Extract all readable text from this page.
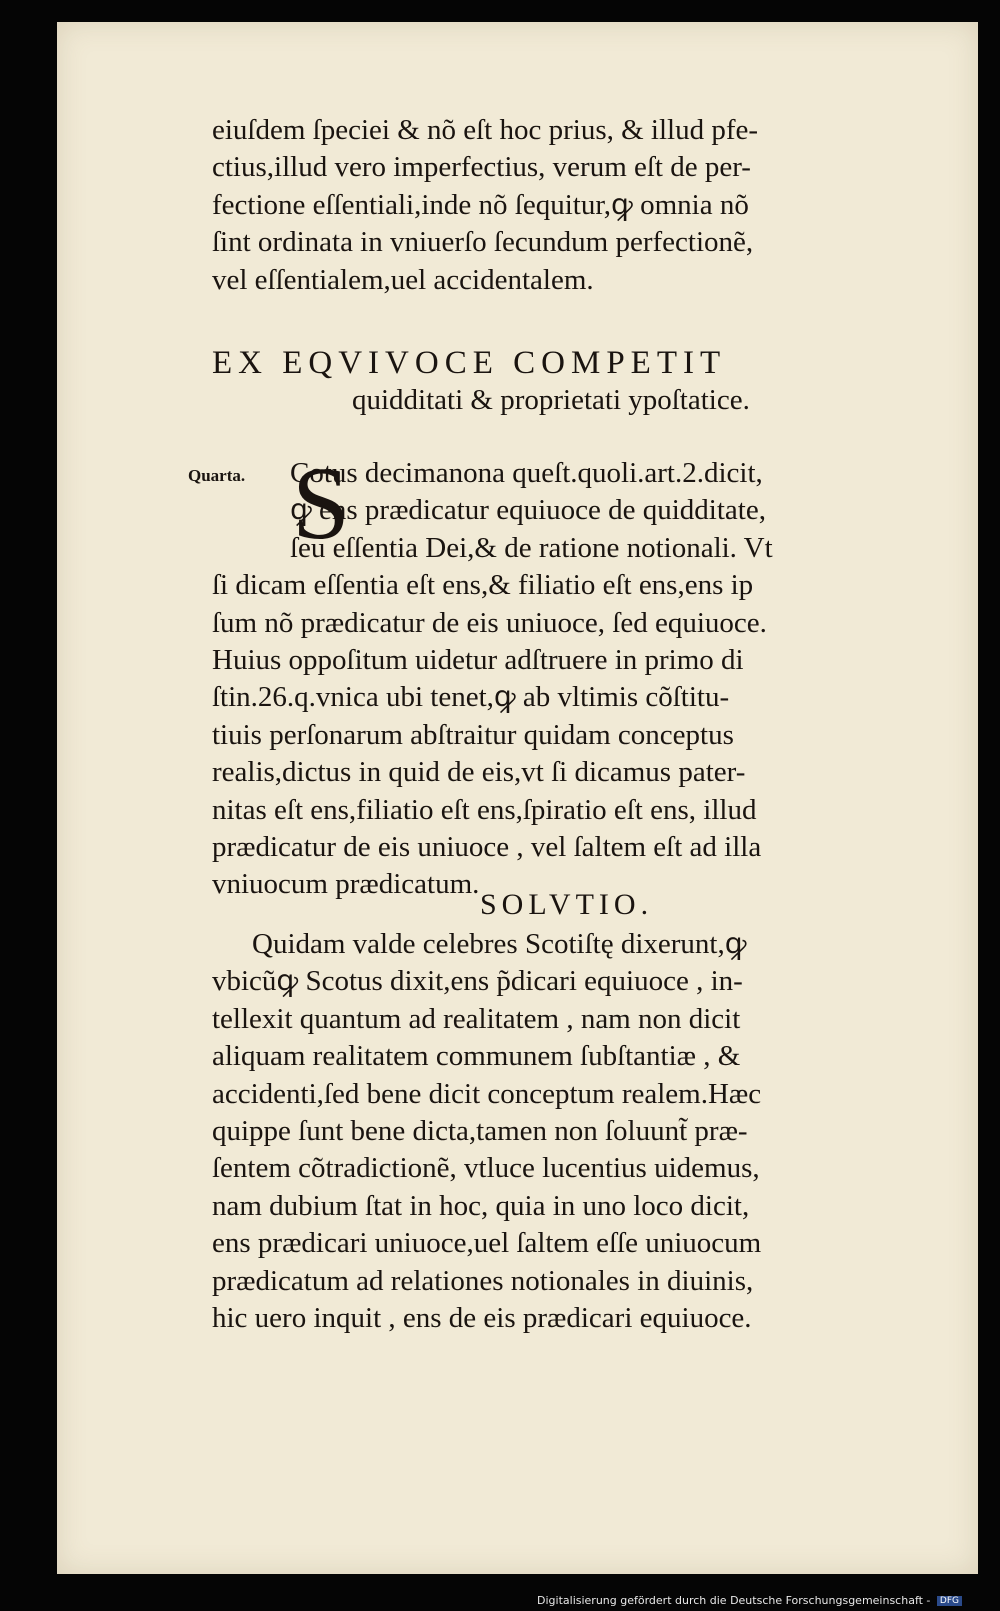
eiuſdem ſpeciei & nõ eſt hoc prius, & illud pfe-
ctius,illud vero imperfectius, verum eſt de per-
fectione eſſentiali,inde nõ ſequitur,ꝙ omnia nõ
ſint ordinata in vniuerſo ſecundum perfectionẽ,
vel eſſentialem,uel accidentalem.
EX EQVIVOCE COMPETIT
quidditati & proprietati ypoſtatice.
Quarta. S
Cotus decimanona queſt.quoli.art.2.dicit,
ꝙ ens prædicatur equiuoce de quidditate,
ſeu eſſentia Dei,& de ratione notionali. Vt
ſi dicam eſſentia eſt ens,& filiatio eſt ens,ens ip
ſum nõ prædicatur de eis uniuoce, ſed equiuoce.
Huius oppoſitum uidetur adſtruere in primo di
ſtin.26.q.vnica ubi tenet,ꝙ ab vltimis cõſtitu-
tiuis perſonarum abſtraitur quidam conceptus
realis,dictus in quid de eis,vt ſi dicamus pater-
nitas eſt ens,filiatio eſt ens,ſpiratio eſt ens, illud
prædicatur de eis uniuoce , vel ſaltem eſt ad illa
vniuocum prædicatum.
SOLVTIO.
Quidam valde celebres Scotiſtę dixerunt,ꝙ
vbicũꝙ Scotus dixit,ens p̃dicari equiuoce , in-
tellexit quantum ad realitatem , nam non dicit
aliquam realitatem communem ſubſtantiæ , &
accidenti,ſed bene dicit conceptum realem.Hæc
quippe ſunt bene dicta,tamen non ſoluunt̃ præ-
ſentem cõtradictionẽ, vtluce lucentius uidemus,
nam dubium ſtat in hoc, quia in uno loco dicit,
ens prædicari uniuoce,uel ſaltem eſſe uniuocum
prædicatum ad relationes notionales in diuinis,
hic uero inquit , ens de eis prædicari equiuoce.
Digitalisierung gefördert durch die Deutsche Forschungsgemeinschaft - DFG
